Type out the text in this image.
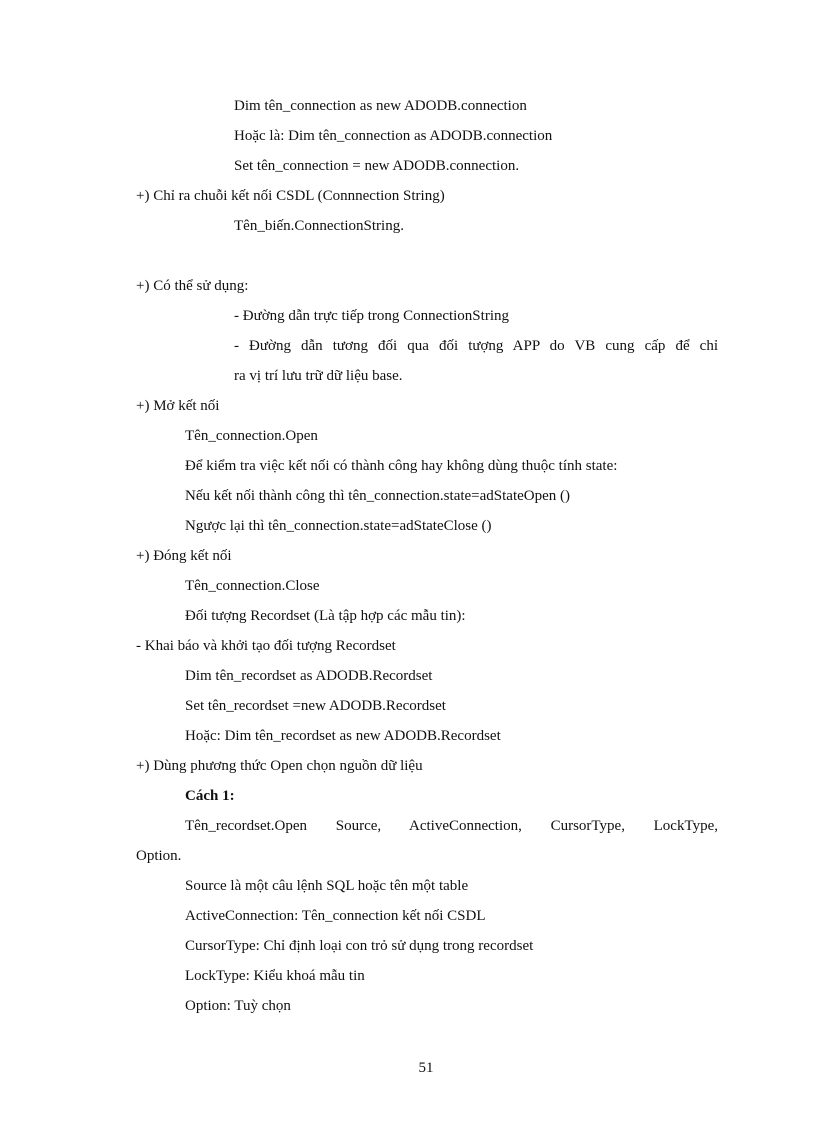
Dim tên_connection as new ADODB.connection

Hoặc là: Dim tên_connection as ADODB.connection

Set tên_connection = new ADODB.connection.

+) Chỉ ra chuỗi kết nối CSDL (Connnection String)

Tên_biến.ConnectionString.

+) Có thể sử dụng:

- Đường dẫn trực tiếp trong ConnectionString

- Đường dẫn tương đối qua đối tượng APP do VB cung cấp để chỉ

ra vị trí lưu trữ dữ liệu base.

+) Mở kết nối

Tên_connection.Open

Để kiểm tra việc kết nối có thành công hay không dùng thuộc tính state:

Nếu kết nối thành công thì tên_connection.state=adStateOpen ()

Ngược lại thì tên_connection.state=adStateClose ()

+) Đóng kết nối

Tên_connection.Close

Đối tượng Recordset (Là tập hợp các mẫu tin):

- Khai báo và khởi tạo đối tượng Recordset

Dim tên_recordset as ADODB.Recordset

Set tên_recordset =new ADODB.Recordset

Hoặc: Dim tên_recordset as new ADODB.Recordset

+) Dùng phương thức Open chọn nguồn dữ liệu

Cách 1:

Tên_recordset.Open Source, ActiveConnection, CursorType, LockType,

Option.

Source là một câu lệnh SQL hoặc tên một table

ActiveConnection: Tên_connection kết nối CSDL

CursorType: Chỉ định loại con trỏ sử dụng trong recordset

LockType: Kiểu khoá mẫu tin

Option: Tuỳ chọn

51
